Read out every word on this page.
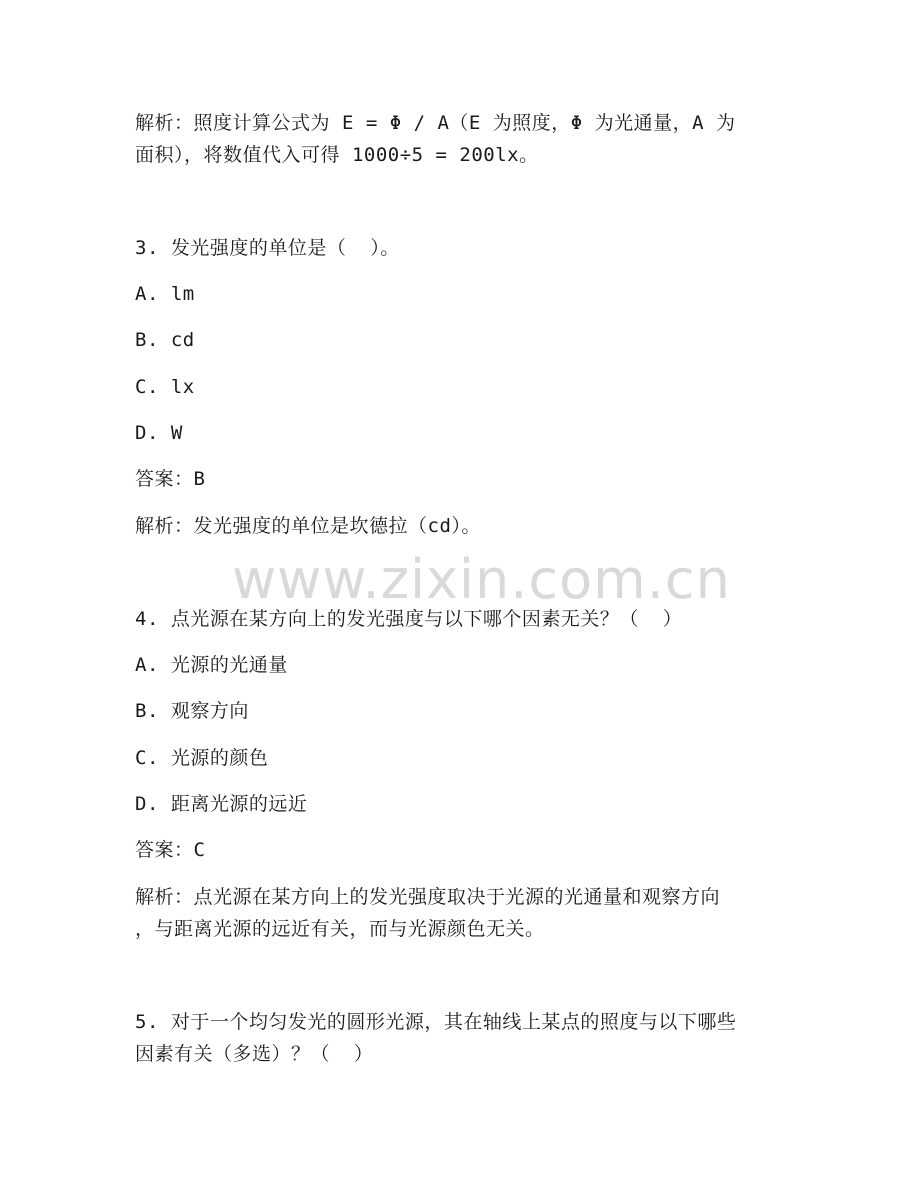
www.zixin.com.cn
解析：照度计算公式为 E = Φ / A（E 为照度，Φ 为光通量，A 为
面积），将数值代入可得 1000÷5 = 200lx。
3. 发光强度的单位是（  ）。
A. lm
B. cd
C. lx
D. W
答案：B
解析：发光强度的单位是坎德拉（cd）。
4. 点光源在某方向上的发光强度与以下哪个因素无关？（  ）
A. 光源的光通量
B. 观察方向
C. 光源的颜色
D. 距离光源的远近
答案：C
解析：点光源在某方向上的发光强度取决于光源的光通量和观察方向
，与距离光源的远近有关，而与光源颜色无关。
5. 对于一个均匀发光的圆形光源，其在轴线上某点的照度与以下哪些
因素有关（多选）？（  ）
